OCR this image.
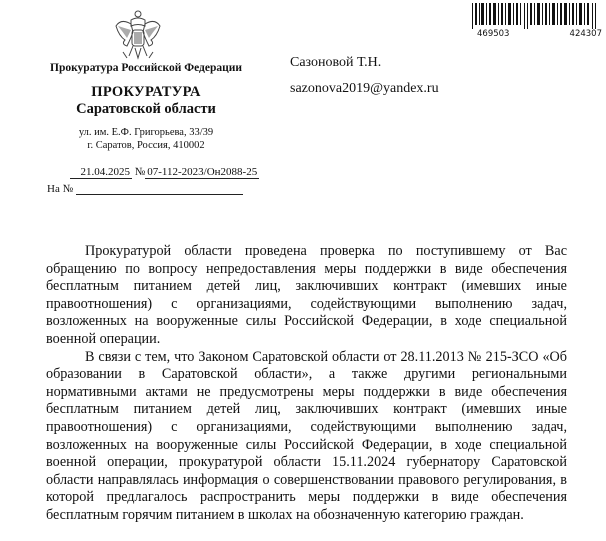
Прокуратура Российской Федерации
ПРОКУРАТУРА
Саратовской области
ул. им. Е.Ф. Григорьева, 33/39
г. Саратов, Россия, 410002
21.04.2025 № 07-112-2023/Он2088-25
На №
Сазоновой Т.Н.
sazonova2019@yandex.ru
469503	424307

Прокуратурой области проведена проверка по поступившему от Вас обращению по вопросу непредоставления меры поддержки в виде обеспечения бесплатным питанием детей лиц, заключивших контракт (имевших иные правоотношения) с организациями, содействующими выполнению задач, возложенных на вооруженные силы Российской Федерации, в ходе специальной военной операции.

В связи с тем, что Законом Саратовской области от 28.11.2013 № 215-ЗСО «Об образовании в Саратовской области», а также другими региональными нормативными актами не предусмотрены меры поддержки в виде обеспечения бесплатным питанием детей лиц, заключивших контракт (имевших иные правоотношения) с организациями, содействующими выполнению задач, возложенных на вооруженные силы Российской Федерации, в ходе специальной военной операции, прокуратурой области 15.11.2024 губернатору Саратовской области направлялась информация о совершенствовании правового регулирования, в которой предлагалось распространить меры поддержки в виде обеспечения бесплатным горячим питанием в школах на обозначенную категорию граждан.
